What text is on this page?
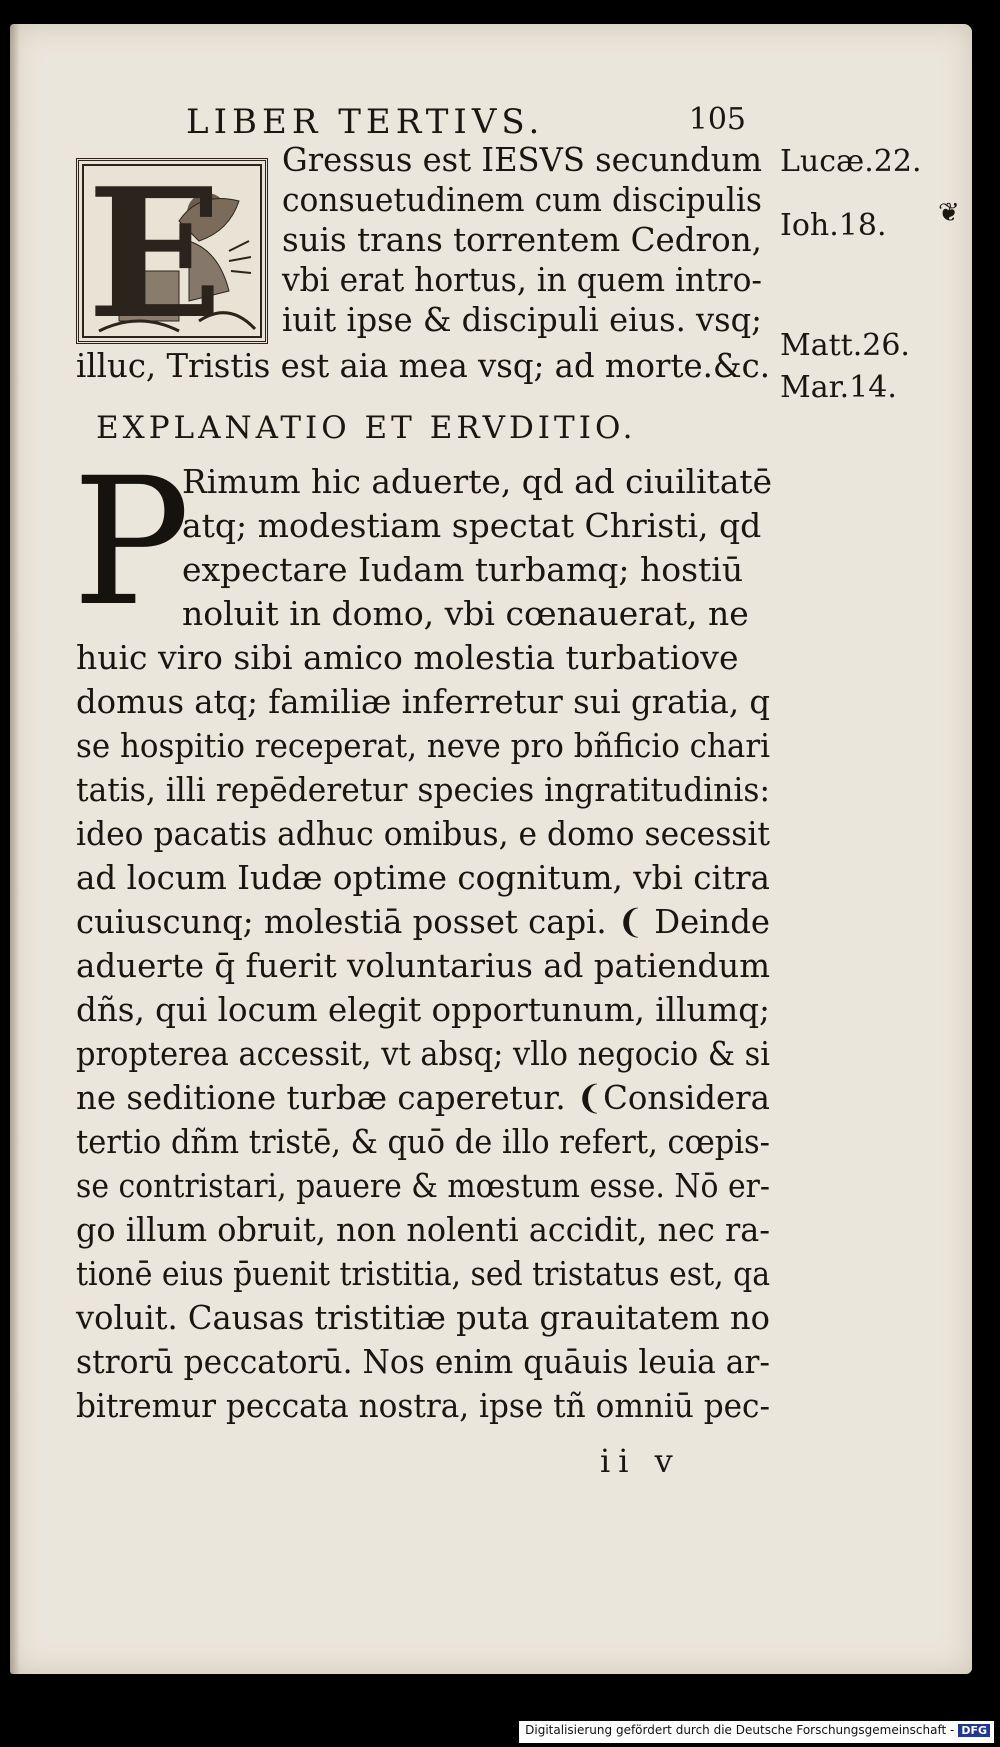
LIBER TERTIVS.	105
E Gressus est IESVS secundum
consuetudinem cum discipulis
suis trans torrentem Cedron,
vbi erat hortus, in quem intro-
iuit ipse & discipuli eius. vsq;
illuc, Tristis est aia mea vsq; ad morte.&c.
Lucæ.22.
Ioh.18.
Matt.26.
Mar.14.
❦
EXPLANATIO ET ERVDITIO.
P
Rimum hic aduerte, qd ad ciuilitatē
atq; modestiam spectat Christi, qd
expectare Iudam turbamq; hostiū
noluit in domo, vbi cœnauerat, ne
huic viro sibi amico molestia turbatiove
domus atq; familiæ inferretur sui gratia, q
se hospitio receperat, neve pro bñficio chari
tatis, illi repēderetur species ingratitudinis:
ideo pacatis adhuc omibus, e domo secessit
ad locum Iudæ optime cognitum, vbi citra
cuiuscunq; molestiā posset capi. ❨ Deinde
aduerte q̄ fuerit voluntarius ad patiendum
dñs, qui locum elegit opportunum, illumq;
propterea accessit, vt absq; vllo negocio & si
ne seditione turbæ caperetur. ❨Considera
tertio dñm tristē, & quō de illo refert, cœpis-
se contristari, pauere & mœstum esse. Nō er-
go illum obruit, non nolenti accidit, nec ra-
tionē eius p̄uenit tristitia, sed tristatus est, qa
voluit. Causas tristitiæ puta grauitatem no
strorū peccatorū. Nos enim quāuis leuia ar-
bitremur peccata nostra, ipse tñ omniū pec-
ii v
Digitalisierung gefördert durch die Deutsche Forschungsgemeinschaft - DFG
